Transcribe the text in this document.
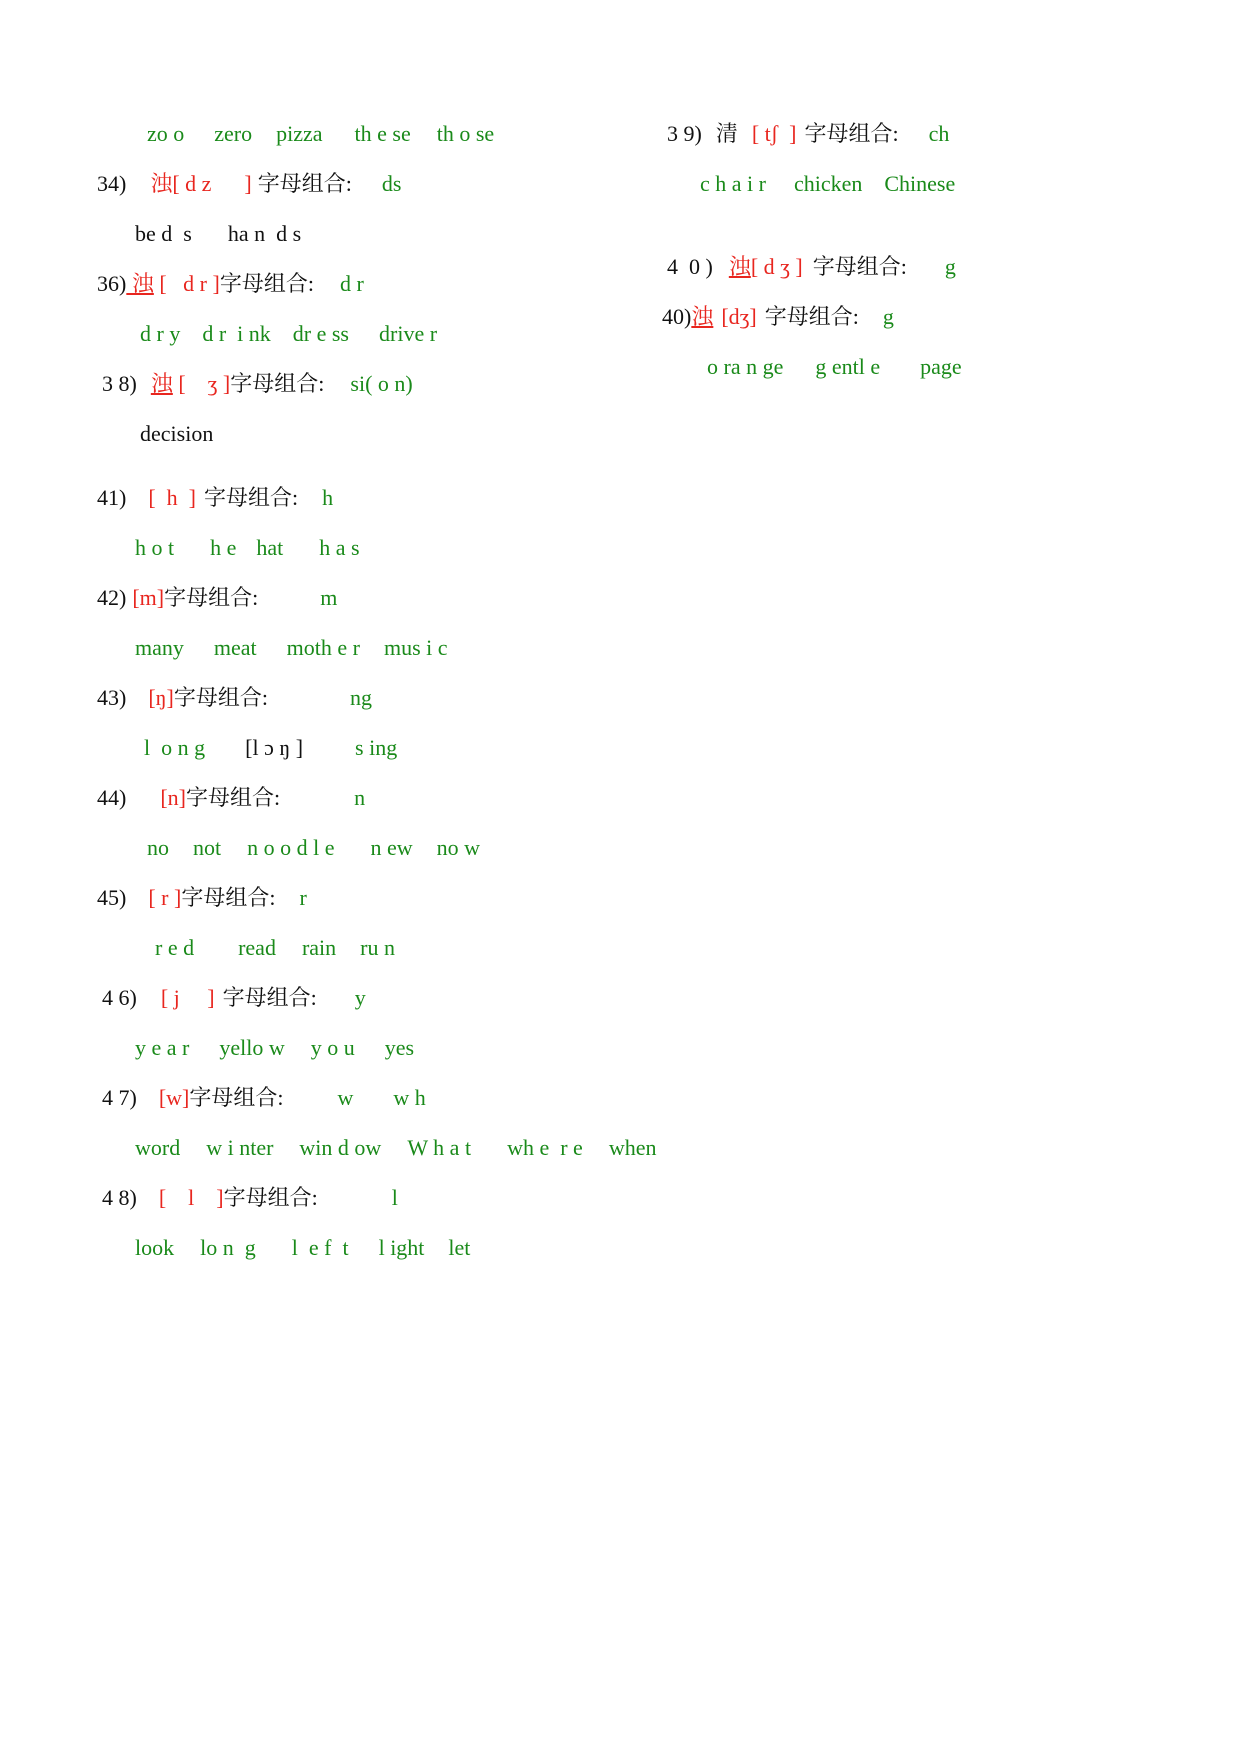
zo o zero pizza th e se th o se

34) 浊[ d z      ] 字母组合: ds

be d  s ha n  d s

36) 浊 [   d r ]字母组合: d r

d r y d r  i nk dr e ss drive r

3 8) 浊 [    ʒ ]字母组合: si( o n)

decision

41) [  h  ] 字母组合: h

h o t h e hat h a s

42) [m]字母组合:	m

many meat moth e r mus i c

43) [ŋ]字母组合:	ng

l  o n g [l ɔ ŋ ] s ing

44) [n]字母组合:	n

no not n o o d l e n ew no w

45) [ r ]字母组合: r

r e d read rain ru n

4 6) [ j     ] 字母组合: y

y e a r yello w y o u yes

4 7) [w]字母组合: w w h

word w i nter win d ow W h a t wh e  r e when

4 8) [    l    ]字母组合:	l

look lo n  g l  e f  t l ight let

3 9) 清 [ tʃ  ] 字母组合: ch

c h a i r chicken Chinese

4  0 ) 浊[ d ʒ ] 字母组合: g

40)浊 [dʒ] 字母组合: g

o ra n ge g entl e page
